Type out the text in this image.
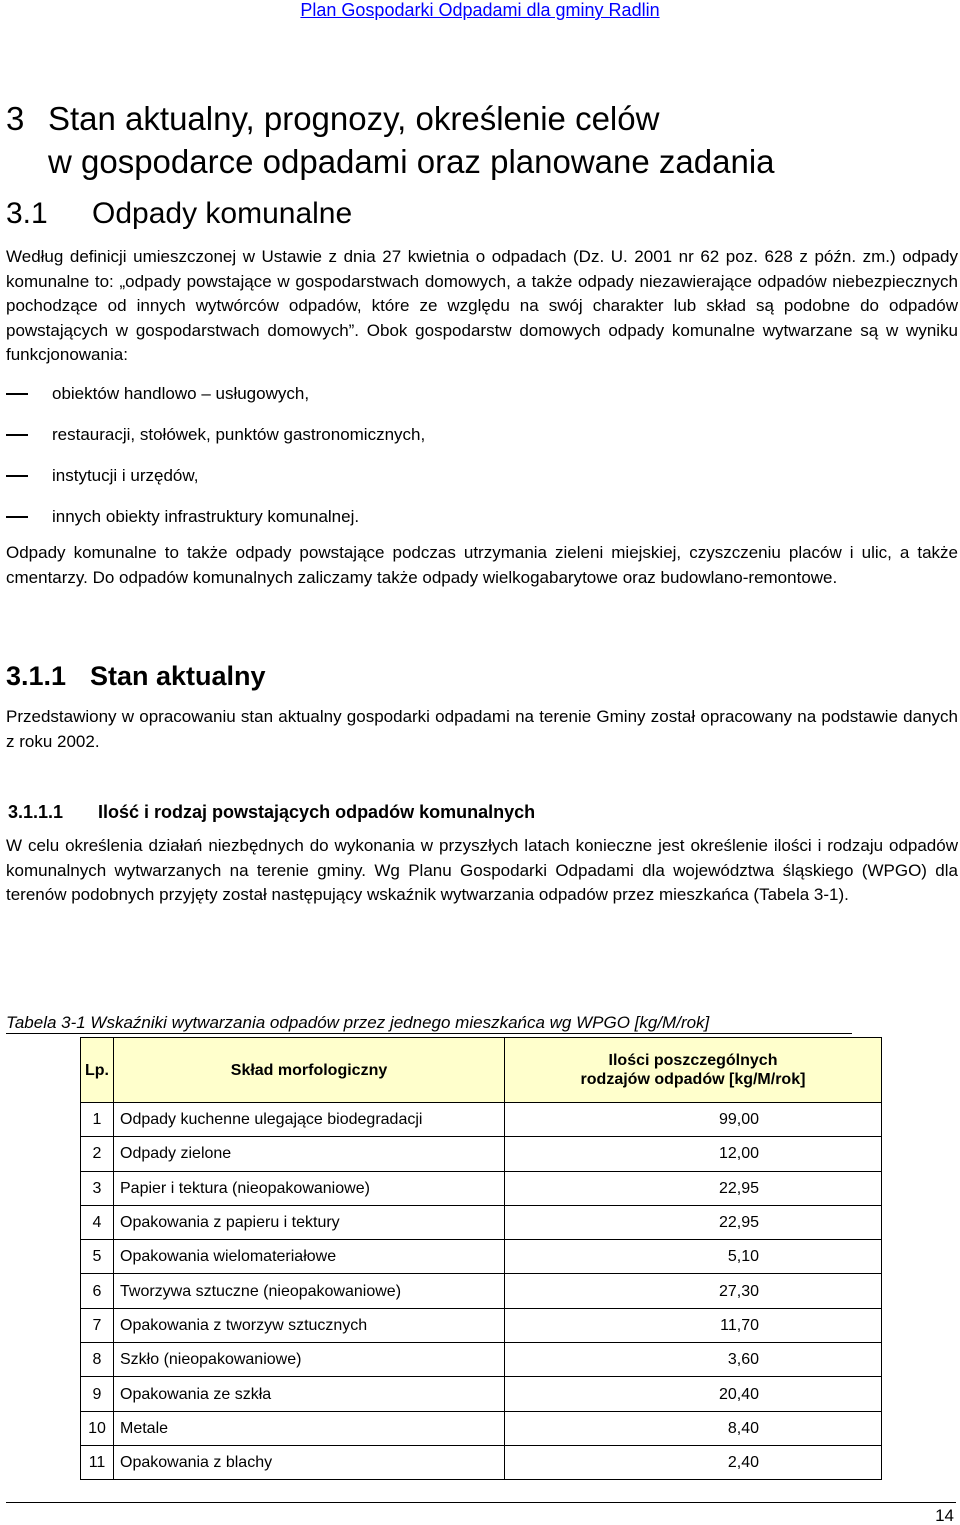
Plan Gospodarki Odpadami dla gminy Radlin
3 Stan aktualny, prognozy, określenie celów
w gospodarce odpadami oraz planowane zadania
3.1 Odpady komunalne
Według definicji umieszczonej w Ustawie z dnia 27 kwietnia o odpadach (Dz. U. 2001 nr 62 poz. 628 z późn. zm.) odpady komunalne to: „odpady powstające w gospodarstwach domowych, a także odpady niezawierające odpadów niebezpiecznych pochodzące od innych wytwórców odpadów, które ze względu na swój charakter lub skład są podobne do odpadów powstających w gospodarstwach domowych”. Obok gospodarstw domowych odpady komunalne wytwarzane są w wyniku funkcjonowania:
obiektów handlowo – usługowych,
restauracji, stołówek, punktów gastronomicznych,
instytucji i urzędów,
innych obiekty infrastruktury komunalnej.
Odpady komunalne to także odpady powstające podczas utrzymania zieleni miejskiej, czyszczeniu placów i ulic, a także cmentarzy. Do odpadów komunalnych zaliczamy także odpady wielkogabarytowe oraz budowlano-remontowe.
3.1.1 Stan aktualny
Przedstawiony w opracowaniu stan aktualny gospodarki odpadami na terenie Gminy został opracowany na podstawie danych z roku 2002.
3.1.1.1 Ilość i rodzaj powstających odpadów komunalnych
W celu określenia działań niezbędnych do wykonania w przyszłych latach konieczne jest określenie ilości i rodzaju odpadów komunalnych wytwarzanych na terenie gminy. Wg Planu Gospodarki Odpadami dla województwa śląskiego (WPGO) dla terenów podobnych przyjęty został następujący wskaźnik wytwarzania odpadów przez mieszkańca (Tabela 3-1).
Tabela 3-1 Wskaźniki wytwarzania odpadów przez jednego mieszkańca wg WPGO [kg/M/rok]
Lp.	Skład morfologiczny	Ilości poszczególnych
rodzajów odpadów [kg/M/rok]
1	Odpady kuchenne ulegające biodegradacji	99,00
2	Odpady zielone	12,00
3	Papier i tektura (nieopakowaniowe)	22,95
4	Opakowania z papieru i tektury	22,95
5	Opakowania wielomateriałowe	5,10
6	Tworzywa sztuczne (nieopakowaniowe)	27,30
7	Opakowania z tworzyw sztucznych	11,70
8	Szkło (nieopakowaniowe)	3,60
9	Opakowania ze szkła	20,40
10	Metale	8,40
11	Opakowania z blachy	2,40
14
